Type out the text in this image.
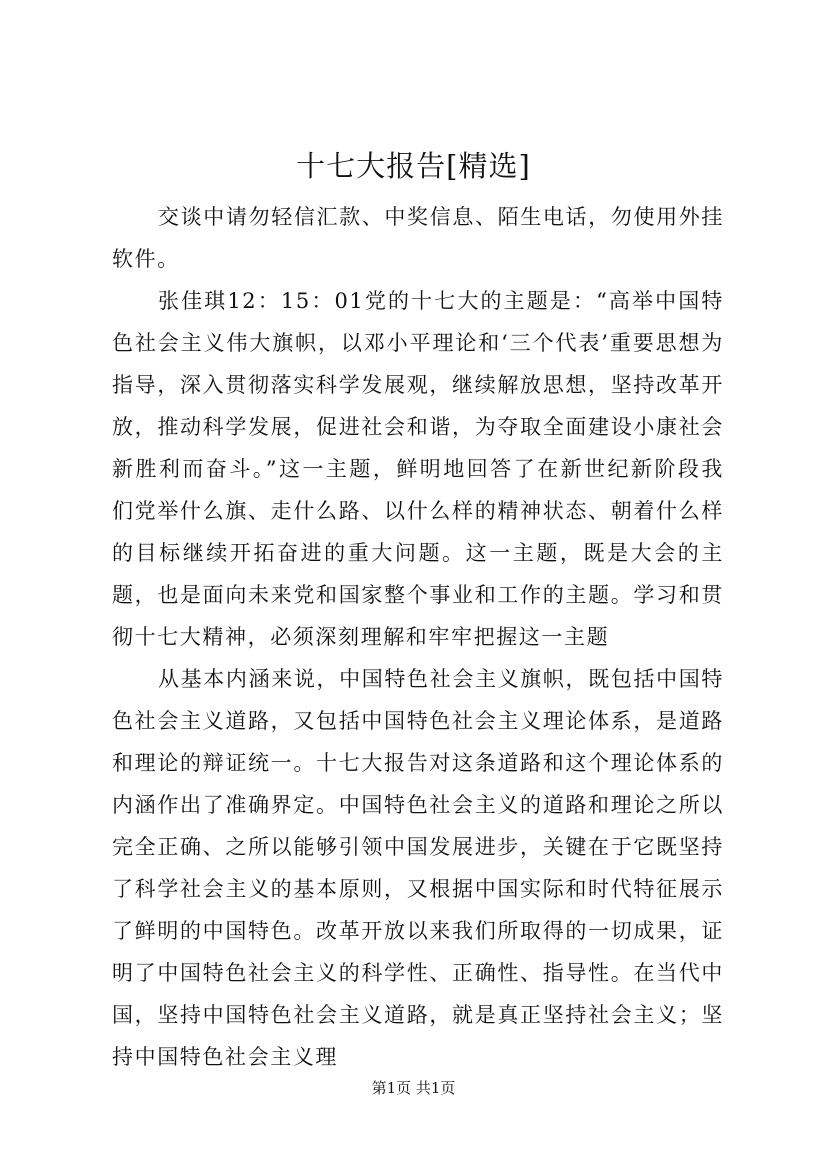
十七大报告[精选]

交谈中请勿轻信汇款、中奖信息、陌生电话，勿使用外挂软件。

张佳琪12：15：01党的十七大的主题是：“高举中国特色社会主义伟大旗帜，以邓小平理论和‘三个代表’重要思想为指导，深入贯彻落实科学发展观，继续解放思想，坚持改革开放，推动科学发展，促进社会和谐，为夺取全面建设小康社会新胜利而奋斗。”这一主题，鲜明地回答了在新世纪新阶段我们党举什么旗、走什么路、以什么样的精神状态、朝着什么样的目标继续开拓奋进的重大问题。这一主题，既是大会的主题，也是面向未来党和国家整个事业和工作的主题。学习和贯彻十七大精神，必须深刻理解和牢牢把握这一主题

从基本内涵来说，中国特色社会主义旗帜，既包括中国特色社会主义道路，又包括中国特色社会主义理论体系，是道路和理论的辩证统一。十七大报告对这条道路和这个理论体系的内涵作出了准确界定。中国特色社会主义的道路和理论之所以完全正确、之所以能够引领中国发展进步，关键在于它既坚持了科学社会主义的基本原则，又根据中国实际和时代特征展示了鲜明的中国特色。改革开放以来我们所取得的一切成果，证明了中国特色社会主义的科学性、正确性、指导性。在当代中国，坚持中国特色社会主义道路，就是真正坚持社会主义；坚持中国特色社会主义理

第1页 共1页
